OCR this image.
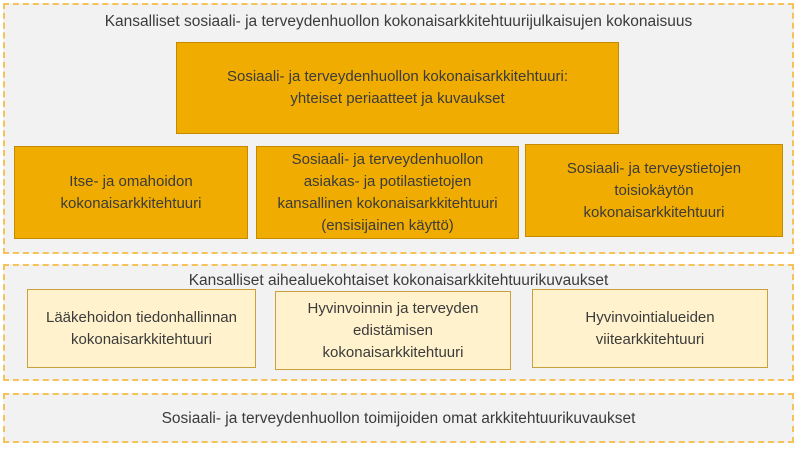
Kansalliset sosiaali- ja terveydenhuollon kokonaisarkkitehtuurijulkaisujen kokonaisuus
Sosiaali- ja terveydenhuollon kokonaisarkkitehtuuri:
yhteiset periaatteet ja kuvaukset
Itse- ja omahoidon
kokonaisarkkitehtuuri
Sosiaali- ja terveydenhuollon
asiakas- ja potilastietojen
kansallinen kokonaisarkkitehtuuri
(ensisijainen käyttö)
Sosiaali- ja terveystietojen
toisiokäytön
kokonaisarkkitehtuuri
Kansalliset aihealuekohtaiset kokonaisarkkitehtuurikuvaukset
Lääkehoidon tiedonhallinnan
kokonaisarkkitehtuuri
Hyvinvoinnin ja terveyden
edistämisen
kokonaisarkkitehtuuri
Hyvinvointialueiden
viitearkkitehtuuri
Sosiaali- ja terveydenhuollon toimijoiden omat arkkitehtuurikuvaukset
